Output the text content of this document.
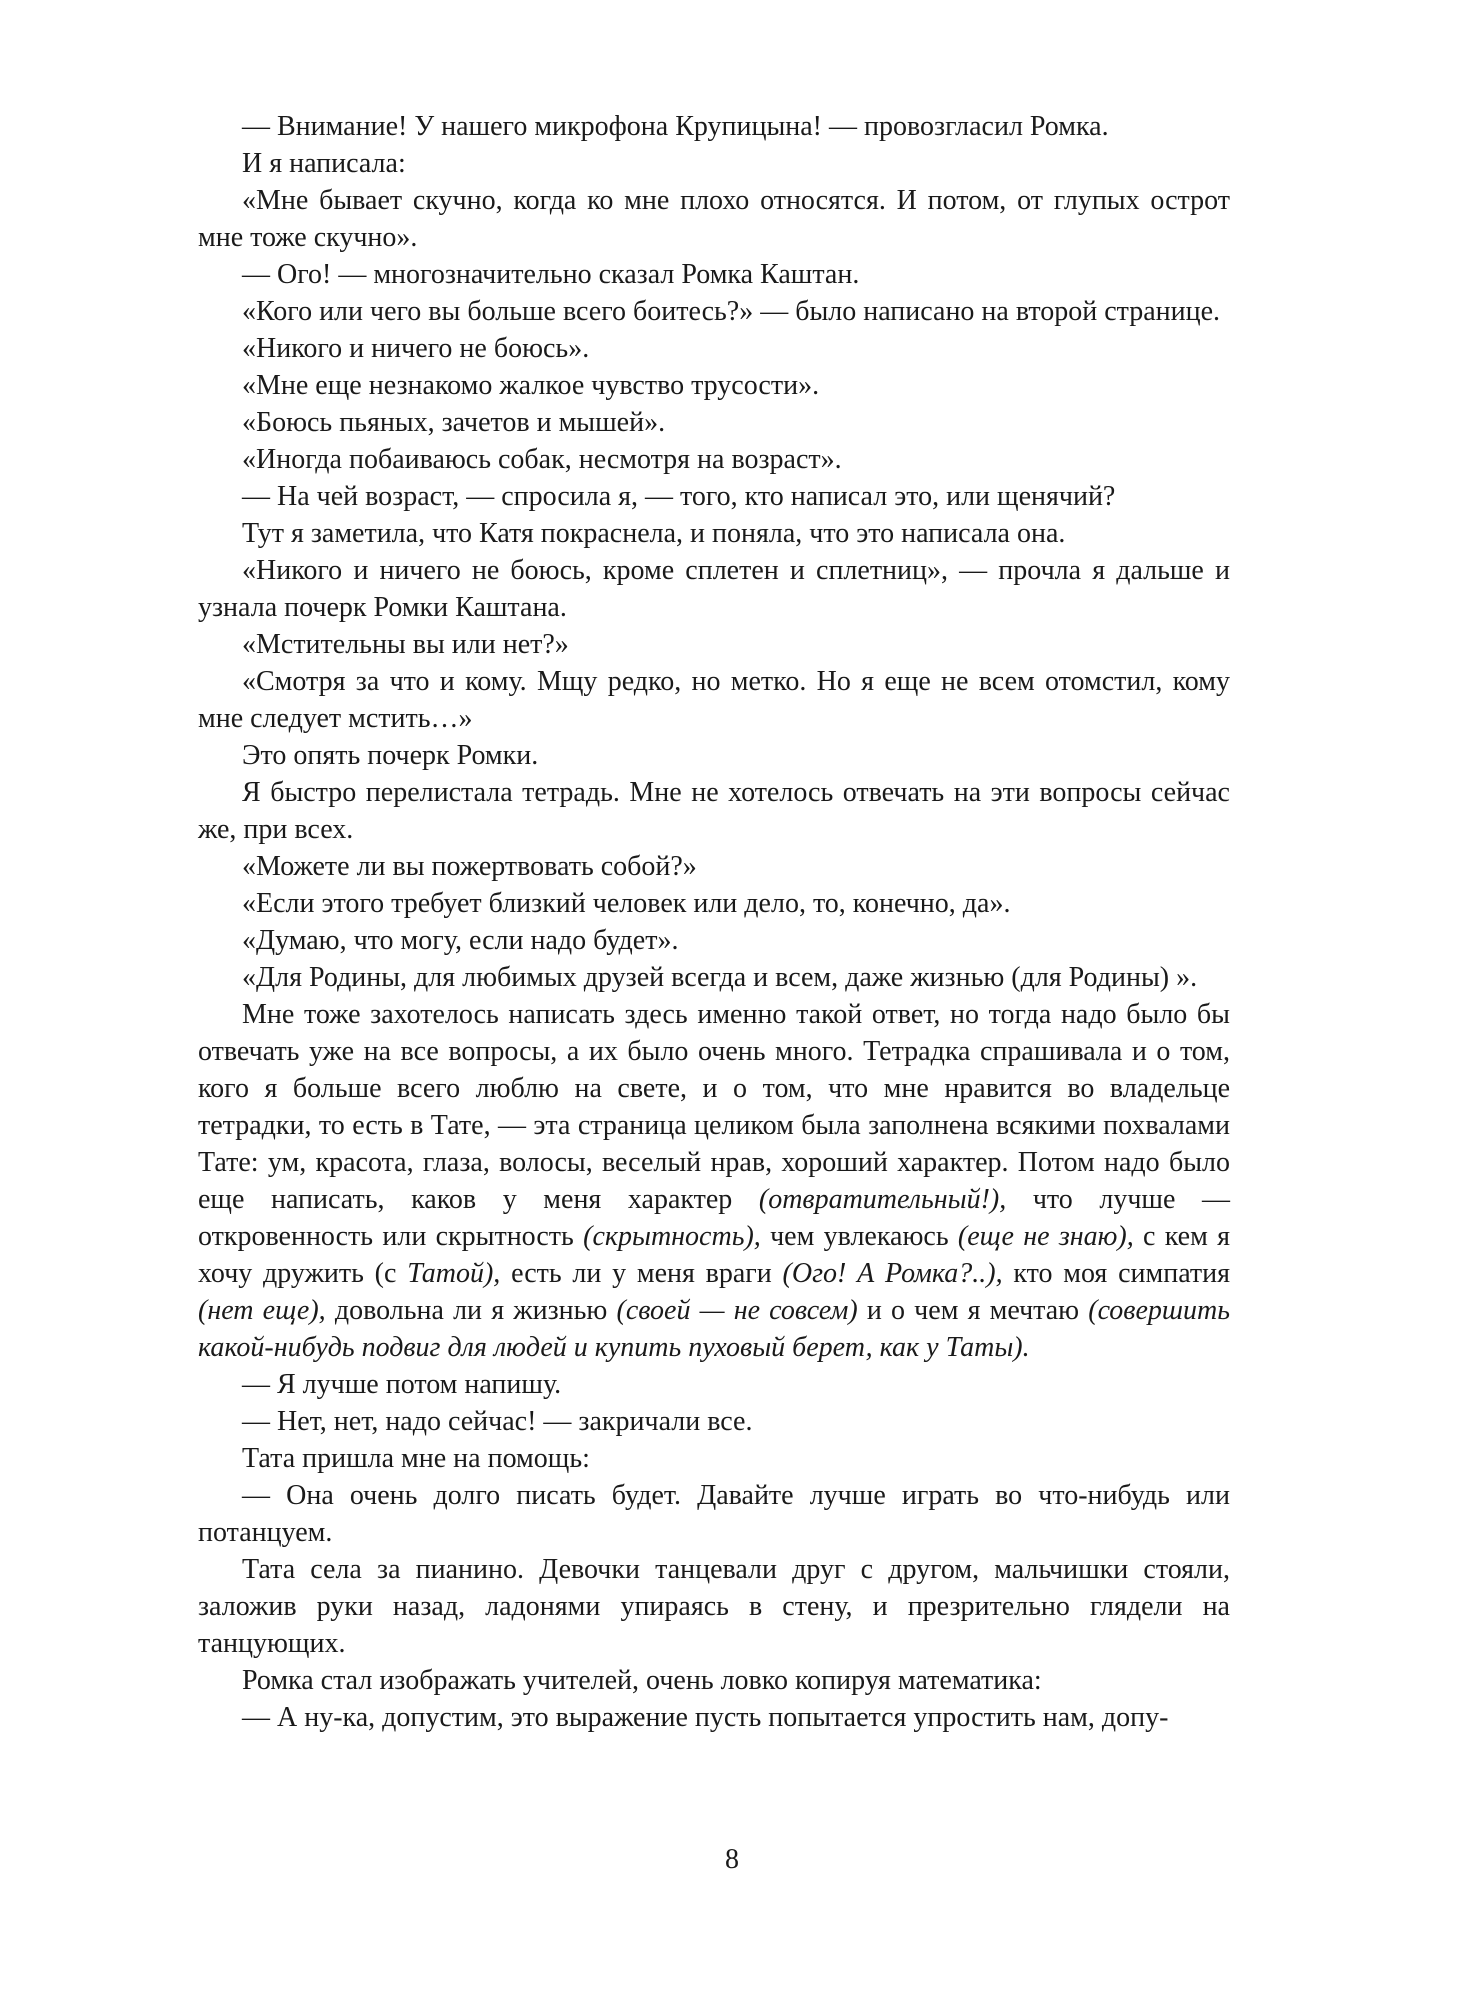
— Внимание! У нашего микрофона Крупицына! — провозгласил Ромка.

И я написала:

«Мне бывает скучно, когда ко мне плохо относятся. И потом, от глупых острот мне тоже скучно».

— Ого! — многозначительно сказал Ромка Каштан.

«Кого или чего вы больше всего боитесь?» — было написано на второй странице.

«Никого и ничего не боюсь».

«Мне еще незнакомо жалкое чувство трусости».

«Боюсь пьяных, зачетов и мышей».

«Иногда побаиваюсь собак, несмотря на возраст».

— На чей возраст, — спросила я, — того, кто написал это, или щенячий?

Тут я заметила, что Катя покраснела, и поняла, что это написала она.

«Никого и ничего не боюсь, кроме сплетен и сплетниц», — прочла я дальше и узнала почерк Ромки Каштана.

«Мстительны вы или нет?»

«Смотря за что и кому. Мщу редко, но метко. Но я еще не всем отомстил, кому мне следует мстить…»

Это опять почерк Ромки.

Я быстро перелистала тетрадь. Мне не хотелось отвечать на эти вопросы сейчас же, при всех.

«Можете ли вы пожертвовать собой?»

«Если этого требует близкий человек или дело, то, конечно, да».

«Думаю, что могу, если надо будет».

«Для Родины, для любимых друзей всегда и всем, даже жизнью (для Родины) ».

Мне тоже захотелось написать здесь именно такой ответ, но тогда надо было бы отвечать уже на все вопросы, а их было очень много. Тетрадка спрашивала и о том, кого я больше всего люблю на свете, и о том, что мне нравится во владельце тетрадки, то есть в Тате, — эта страница целиком была заполнена всякими похвалами Тате: ум, красота, глаза, волосы, веселый нрав, хороший характер. Потом надо было еще написать, каков у меня характер (отвратительный!), что лучше — откровенность или скрытность (скрытность), чем увлекаюсь (еще не знаю), с кем я хочу дружить (с Татой), есть ли у меня враги (Ого! А Ромка?..), кто моя симпатия (нет еще), довольна ли я жизнью (своей — не совсем) и о чем я мечтаю (совершить какой-нибудь подвиг для людей и купить пуховый берет, как у Таты).

— Я лучше потом напишу.

— Нет, нет, надо сейчас! — закричали все.

Тата пришла мне на помощь:

— Она очень долго писать будет. Давайте лучше играть во что-нибудь или потанцуем.

Тата села за пианино. Девочки танцевали друг с другом, мальчишки стояли, заложив руки назад, ладонями упираясь в стену, и презрительно глядели на танцующих.

Ромка стал изображать учителей, очень ловко копируя математика:

— А ну-ка, допустим, это выражение пусть попытается упростить нам, допу-

8
